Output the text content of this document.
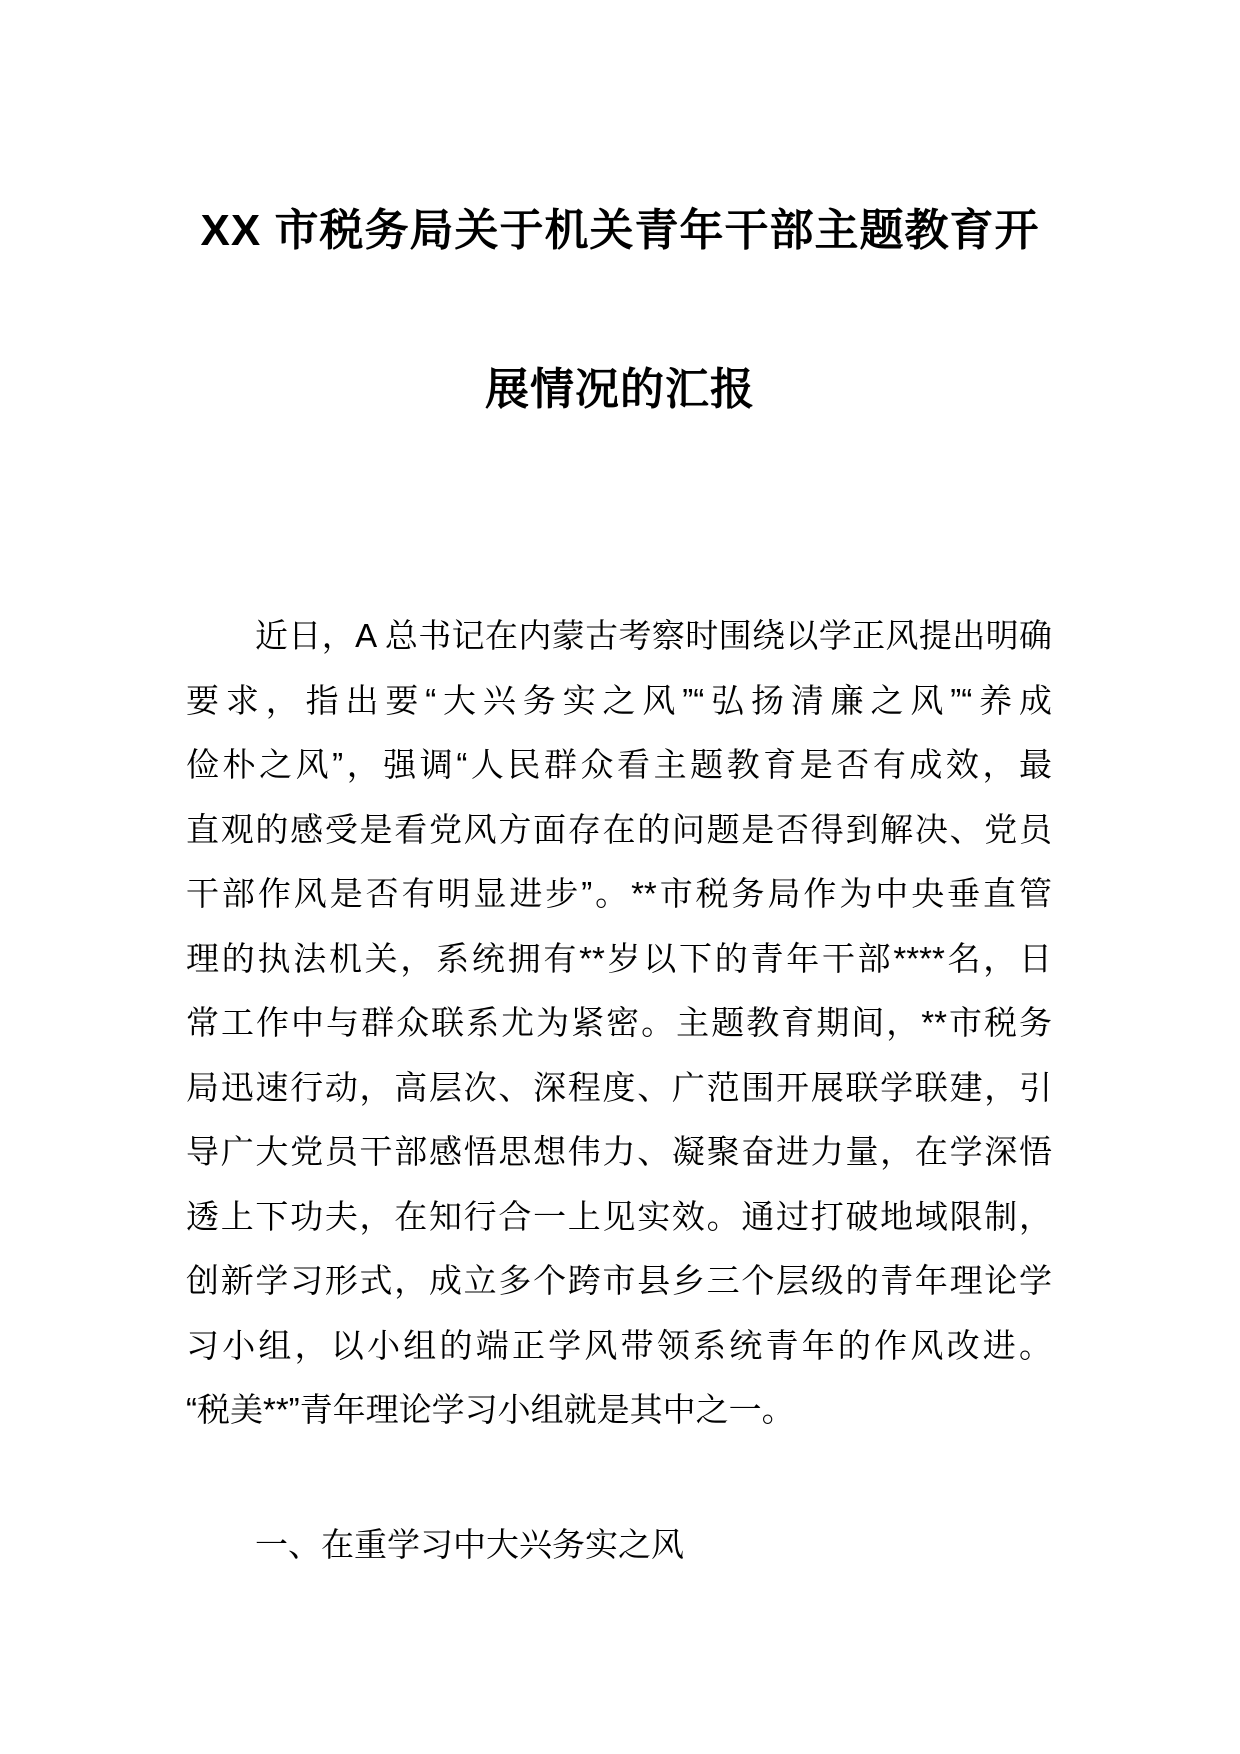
XX 市税务局关于机关青年干部主题教育开
展情况的汇报
近日，A 总书记在内蒙古考察时围绕以学正风提出明确
要求，指出要“大兴务实之风”“弘扬清廉之风”“养成
俭朴之风”，强调“人民群众看主题教育是否有成效，最
直观的感受是看党风方面存在的问题是否得到解决、党员
干部作风是否有明显进步”。**市税务局作为中央垂直管
理的执法机关，系统拥有**岁以下的青年干部****名，日
常工作中与群众联系尤为紧密。主题教育期间，**市税务
局迅速行动，高层次、深程度、广范围开展联学联建，引
导广大党员干部感悟思想伟力、凝聚奋进力量，在学深悟
透上下功夫，在知行合一上见实效。通过打破地域限制，
创新学习形式，成立多个跨市县乡三个层级的青年理论学
习小组，以小组的端正学风带领系统青年的作风改进。
“税美**”青年理论学习小组就是其中之一。
一、在重学习中大兴务实之风
